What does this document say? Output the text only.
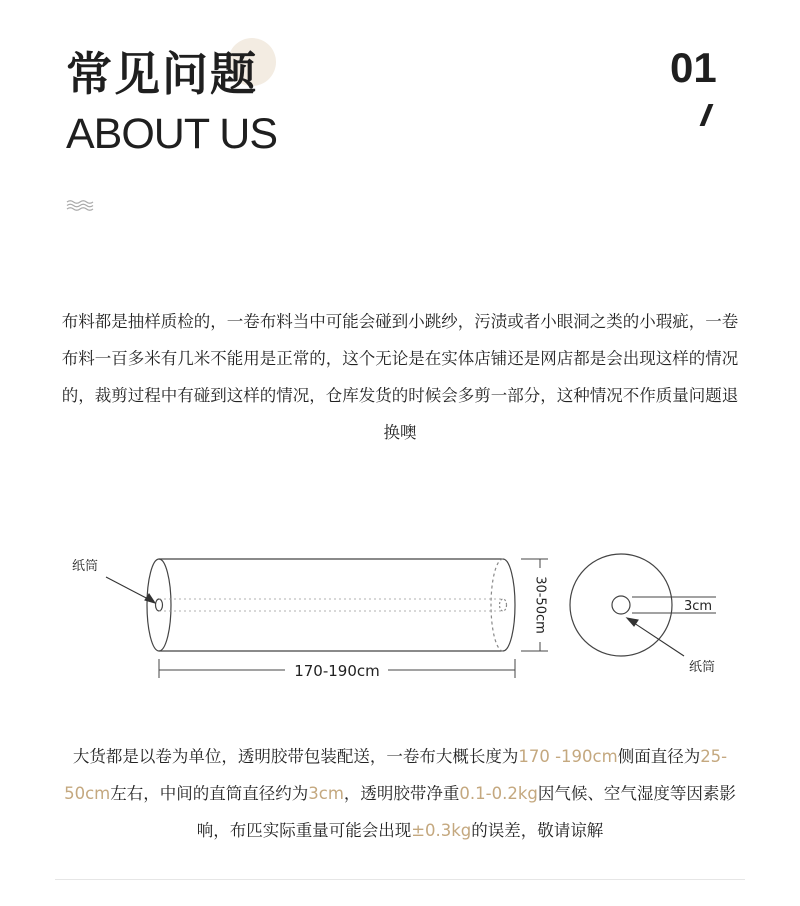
常见问题
ABOUT US
01

布料都是抽样质检的，一卷布料当中可能会碰到小跳纱，污渍或者小眼洞之类的小瑕疵，一卷布料一百多米有几米不能用是正常的，这个无论是在实体店铺还是网店都是会出现这样的情况的，裁剪过程中有碰到这样的情况，仓库发货的时候会多剪一部分，这种情况不作质量问题退换噢

纸筒
170-190cm
30-50cm	3cm
纸筒

大货都是以卷为单位，透明胶带包装配送，一卷布大概长度为170 -190cm侧面直径为25-50cm左右，中间的直筒直径约为3cm，透明胶带净重0.1-0.2kg因气候、空气湿度等因素影响，布匹实际重量可能会出现±0.3kg的误差，敬请谅解
